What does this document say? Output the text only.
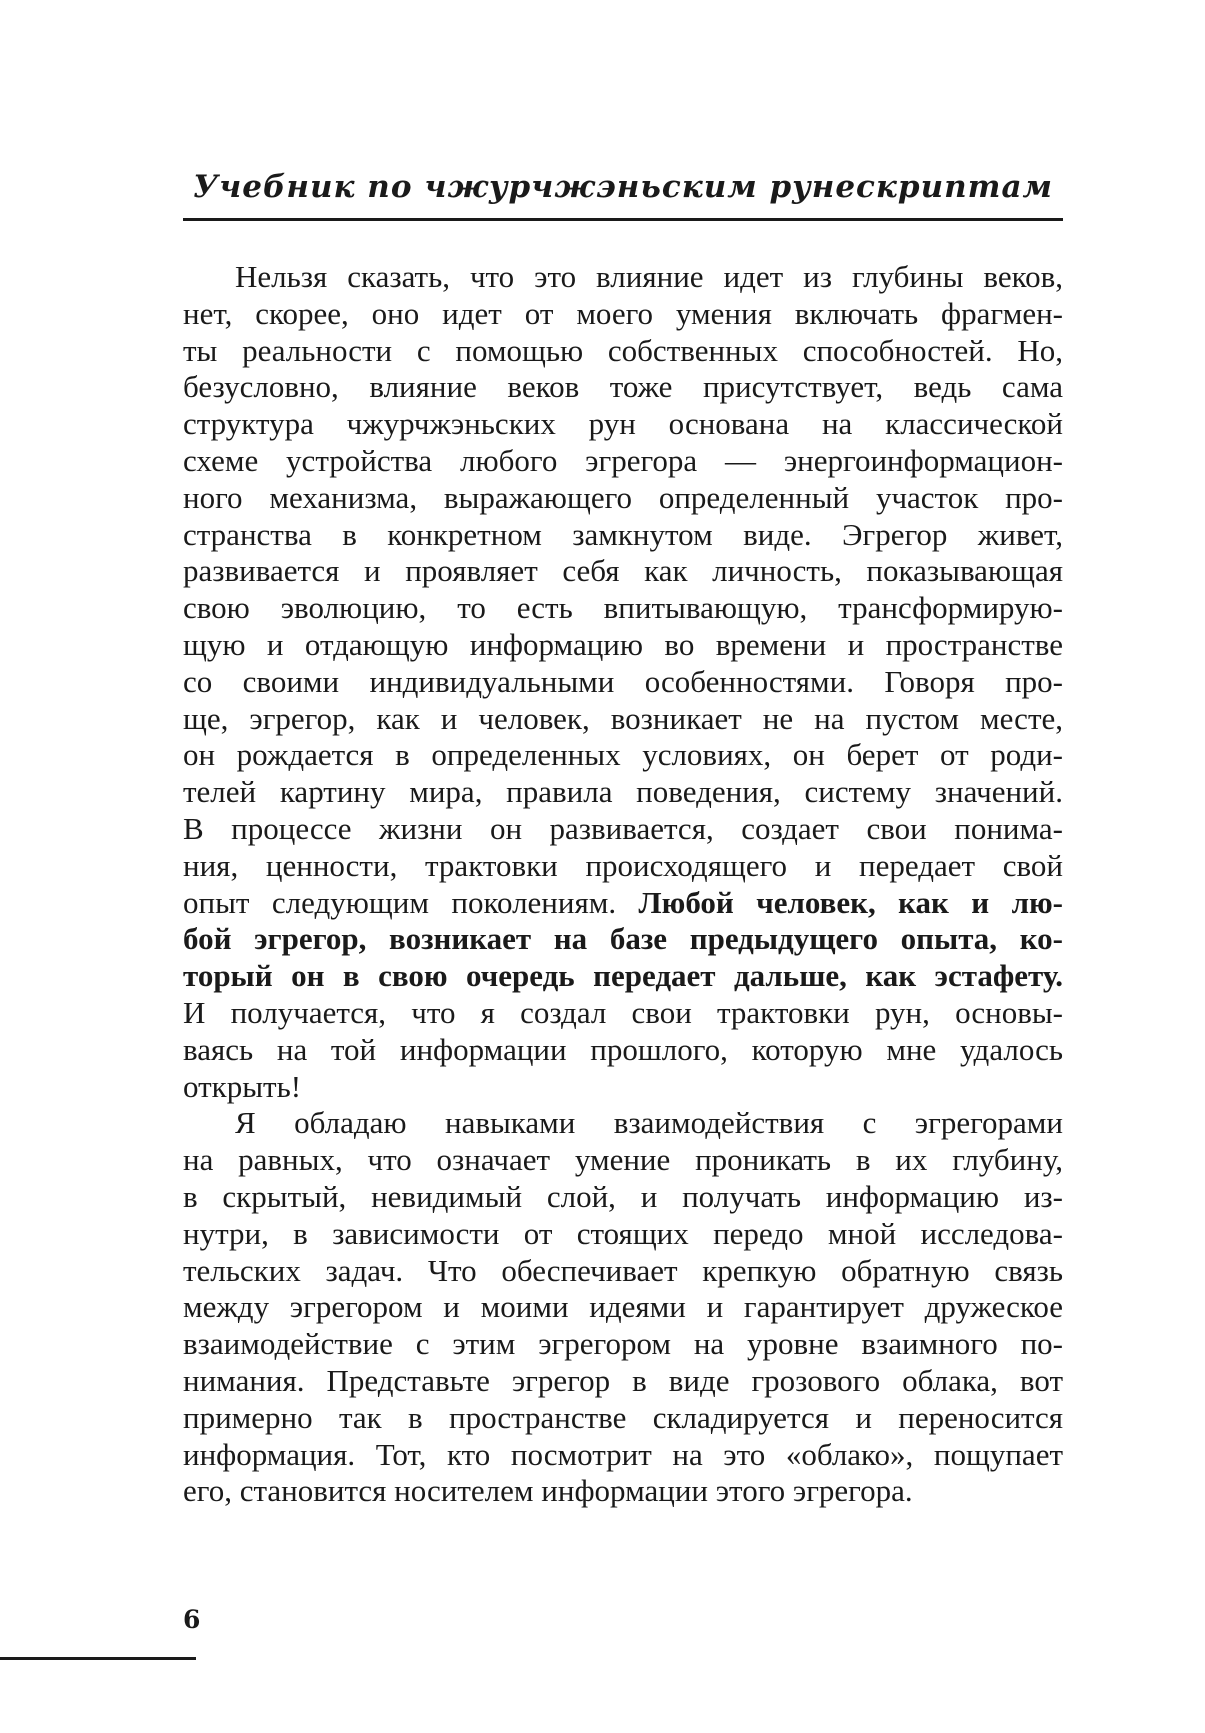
Учебник по чжурчжэньским рунескриптам
Нельзя сказать, что это влияние идет из глубины веков,
нет, скорее, оно идет от моего умения включать фрагмен-
ты реальности с помощью собственных способностей. Но,
безусловно, влияние веков тоже присутствует, ведь сама
структура чжурчжэньских рун основана на классической
схеме устройства любого эгрегора — энергоинформацион-
ного механизма, выражающего определенный участок про-
странства в конкретном замкнутом виде. Эгрегор живет,
развивается и проявляет себя как личность, показывающая
свою эволюцию, то есть впитывающую, трансформирую-
щую и отдающую информацию во времени и пространстве
со своими индивидуальными особенностями. Говоря про-
ще, эгрегор, как и человек, возникает не на пустом месте,
он рождается в определенных условиях, он берет от роди-
телей картину мира, правила поведения, систему значений.
В процессе жизни он развивается, создает свои понима-
ния, ценности, трактовки происходящего и передает свой
опыт следующим поколениям. Любой человек, как и лю-
бой эгрегор, возникает на базе предыдущего опыта, ко-
торый он в свою очередь передает дальше, как эстафету.
И получается, что я создал свои трактовки рун, основы-
ваясь на той информации прошлого, которую мне удалось
открыть!
Я обладаю навыками взаимодействия с эгрегорами
на равных, что означает умение проникать в их глубину,
в скрытый, невидимый слой, и получать информацию из-
нутри, в зависимости от стоящих передо мной исследова-
тельских задач. Что обеспечивает крепкую обратную связь
между эгрегором и моими идеями и гарантирует дружеское
взаимодействие с этим эгрегором на уровне взаимного по-
нимания. Представьте эгрегор в виде грозового облака, вот
примерно так в пространстве складируется и переносится
информация. Тот, кто посмотрит на это «облако», пощупает
его, становится носителем информации этого эгрегора.
6
